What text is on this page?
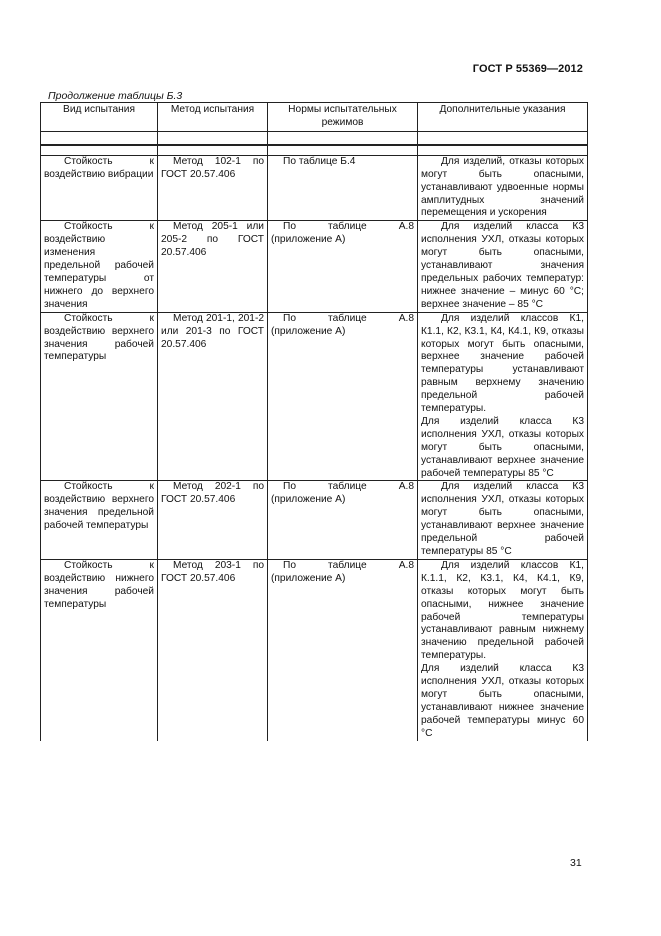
ГОСТ Р 55369—2012
Продолжение таблицы Б.3
Вид испытания	Метод испытания	Нормы испытательных режимов	Дополнительные указания

Стойкость к воздействию вибрации	Метод 102-1 по ГОСТ 20.57.406	По таблице Б.4	Для изделий, отказы которых могут быть опасными, устанавливают удвоенные нормы амплитудных значений перемещения и ускорения
Стойкость к воздействию изменения предельной рабочей температуры от нижнего до верхнего значения	Метод 205-1 или 205-2 по ГОСТ 20.57.406	По таблице А.8 (приложение А)	Для изделий класса К3 исполнения УХЛ, отказы которых могут быть опасными, устанавливают значения предельных рабочих температур: нижнее значение – минус 60 °С; верхнее значение – 85 °С
Стойкость к воздействию верхнего значения рабочей температуры	Метод 201-1, 201-2 или 201-3 по ГОСТ 20.57.406	По таблице А.8 (приложение А)	Для изделий классов К1, К1.1, К2, К3.1, К4, К4.1, К9, отказы которых могут быть опасными, верхнее значение рабочей температуры устанавливают равным верхнему значению предельной рабочей температуры.
Для изделий класса К3 исполнения УХЛ, отказы которых могут быть опасными, устанавливают верхнее значение рабочей температуры 85 °С
Стойкость к воздействию верхнего значения предельной рабочей температуры	Метод 202-1 по ГОСТ 20.57.406	По таблице А.8 (приложение А)	Для изделий класса К3 исполнения УХЛ, отказы которых могут быть опасными, устанавливают верхнее значение предельной рабочей температуры 85 °С
Стойкость к воздействию нижнего значения рабочей температуры	Метод 203-1 по ГОСТ 20.57.406	По таблице А.8 (приложение А)	Для изделий классов К1, К.1.1, К2, К3.1, К4, К4.1, К9, отказы которых могут быть опасными, нижнее значение рабочей температуры устанавливают равным нижнему значению предельной рабочей температуры.
Для изделий класса К3 исполнения УХЛ, отказы которых могут быть опасными, устанавливают нижнее значение рабочей температуры минус 60 °С
31
